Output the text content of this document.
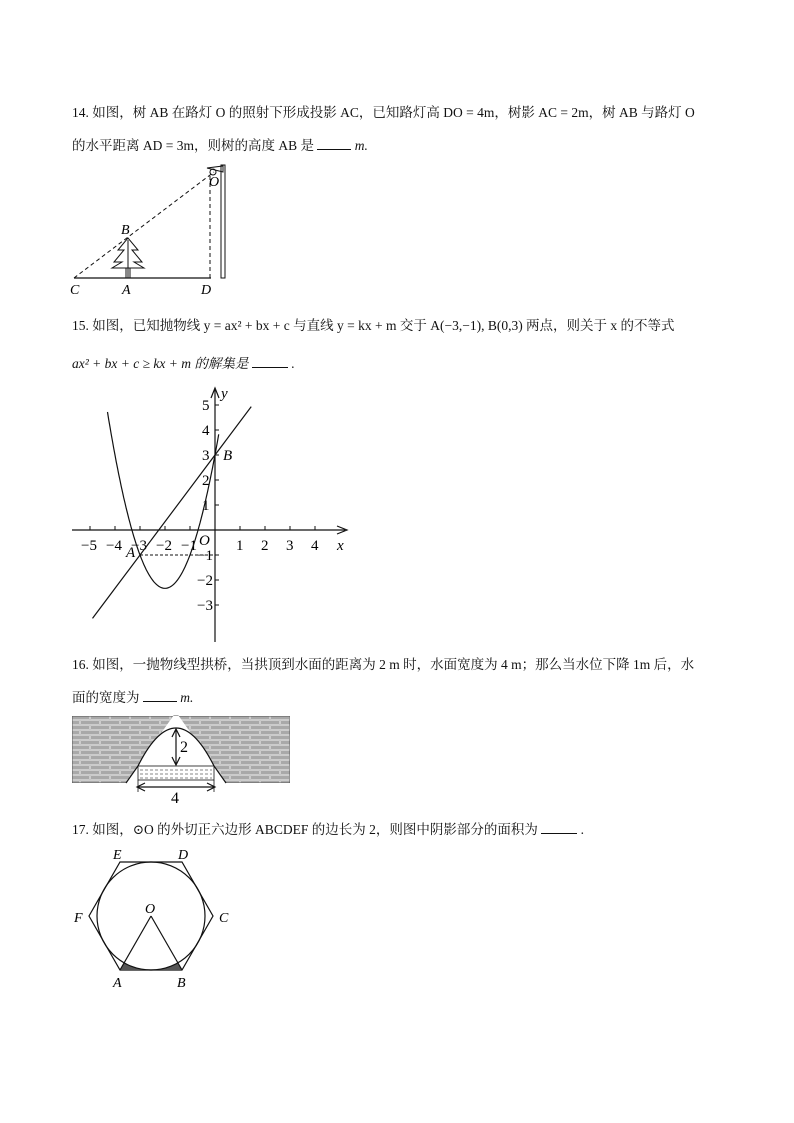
14. 如图，树 AB 在路灯 O 的照射下形成投影 AC，已知路灯高 DO = 4m，树影 AC = 2m，树 AB 与路灯 O

的水平距离 AD = 3m，则树的高度 AB 是	m.

C	A	D
B
O

15. 如图，已知抛物线 y = ax² + bx + c 与直线 y = kx + m 交于 A(−3,−1), B(0,3) 两点，则关于 x 的不等式

ax² + bx + c ≥ kx + m 的解集是	.

−5 −4 −3 −2 −1	1 2 3 4
5
4
3
2
1
−1
−2
−3
x
y
O
A
B

16. 如图，一抛物线型拱桥，当拱顶到水面的距离为 2 m 时，水面宽度为 4 m；那么当水位下降 1m 后，水

面的宽度为	m.

2
4

17. 如图，⊙O 的外切正六边形 ABCDEF 的边长为 2，则图中阴影部分的面积为	.

E	D
F	C
O
A	B
